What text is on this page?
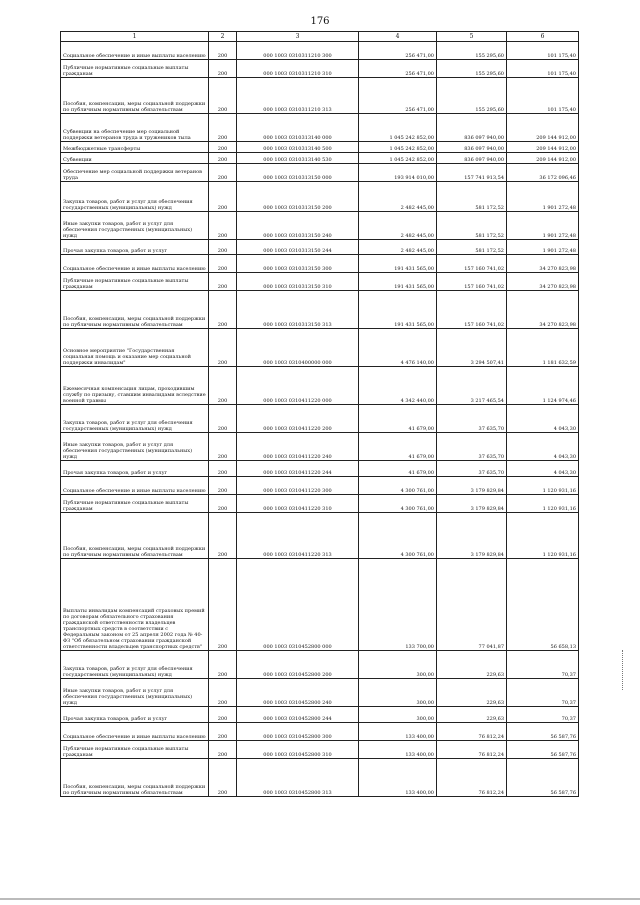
176
1	2	3	4	5	6
Социальное обеспечение и иные выплаты населению	200	000 1003 0310311210 300	256 471,00	155 295,60	101 175,40
Публичные нормативные социальные выплаты гражданам	200	000 1003 0310311210 310	256 471,00	155 295,60	101 175,40
Пособия, компенсации, меры социальной поддержки по публичным нормативным обязательствам	200	000 1003 0310311210 313	256 471,00	155 295,60	101 175,40
Субвенции на обеспечение мер социальной поддержки ветеранов труда и тружеников тыла	200	000 1003 0310313140 000	1 045 242 852,00	836 097 940,00	209 144 912,00
Межбюджетные трансферты	200	000 1003 0310313140 500	1 045 242 852,00	836 097 940,00	209 144 912,00
Субвенции	200	000 1003 0310313140 530	1 045 242 852,00	836 097 940,00	209 144 912,00
Обеспечение мер социальной поддержки ветеранов труда	200	000 1003 0310313150 000	193 914 010,00	157 741 913,54	36 172 096,46
Закупка товаров, работ и услуг для обеспечения государственных (муниципальных) нужд	200	000 1003 0310313150 200	2 482 445,00	581 172,52	1 901 272,48
Иные закупки товаров, работ и услуг для обеспечения государственных (муниципальных) нужд	200	000 1003 0310313150 240	2 482 445,00	581 172,52	1 901 272,48
Прочая закупка товаров, работ и услуг	200	000 1003 0310313150 244	2 482 445,00	581 172,52	1 901 272,48
Социальное обеспечение и иные выплаты населению	200	000 1003 0310313150 300	191 431 565,00	157 160 741,02	34 270 823,98
Публичные нормативные социальные выплаты гражданам	200	000 1003 0310313150 310	191 431 565,00	157 160 741,02	34 270 823,98
Пособия, компенсации, меры социальной поддержки по публичным нормативным обязательствам	200	000 1003 0310313150 313	191 431 565,00	157 160 741,02	34 270 823,98
Основное мероприятие "Государственная социальная помощь и оказание мер социальной поддержки инвалидам"	200	000 1003 0310400000 000	4 476 140,00	3 294 507,41	1 181 632,59
Ежемесячная компенсация лицам, проходившим службу по призыву, ставшим инвалидами вследствие военной травмы	200	000 1003 0310411220 000	4 342 440,00	3 217 465,54	1 124 974,46
Закупка товаров, работ и услуг для обеспечения государственных (муниципальных) нужд	200	000 1003 0310411220 200	41 679,00	37 635,70	4 043,30
Иные закупки товаров, работ и услуг для обеспечения государственных (муниципальных) нужд	200	000 1003 0310411220 240	41 679,00	37 635,70	4 043,30
Прочая закупка товаров, работ и услуг	200	000 1003 0310411220 244	41 679,00	37 635,70	4 043,30
Социальное обеспечение и иные выплаты населению	200	000 1003 0310411220 300	4 300 761,00	3 179 829,84	1 120 931,16
Публичные нормативные социальные выплаты гражданам	200	000 1003 0310411220 310	4 300 761,00	3 179 829,84	1 120 931,16
Пособия, компенсации, меры социальной поддержки по публичным нормативным обязательствам	200	000 1003 0310411220 313	4 300 761,00	3 179 829,84	1 120 931,16
Выплаты инвалидам компенсаций страховых премий по договорам обязательного страхования гражданской ответственности владельцев транспортных средств в соответствии с Федеральным законом от 25 апреля 2002 года № 40-ФЗ "Об обязательном страховании гражданской ответственности владельцев транспортных средств"	200	000 1003 0310452800 000	133 700,00	77 041,87	56 658,13
Закупка товаров, работ и услуг для обеспечения государственных (муниципальных) нужд	200	000 1003 0310452800 200	300,00	229,63	70,37
Иные закупки товаров, работ и услуг для обеспечения государственных (муниципальных) нужд	200	000 1003 0310452800 240	300,00	229,63	70,37
Прочая закупка товаров, работ и услуг	200	000 1003 0310452800 244	300,00	229,63	70,37
Социальное обеспечение и иные выплаты населению	200	000 1003 0310452800 300	133 400,00	76 812,24	56 587,76
Публичные нормативные социальные выплаты гражданам	200	000 1003 0310452800 310	133 400,00	76 812,24	56 587,76
Пособия, компенсации, меры социальной поддержки по публичным нормативным обязательствам	200	000 1003 0310452800 313	133 400,00	76 812,24	56 587,76
